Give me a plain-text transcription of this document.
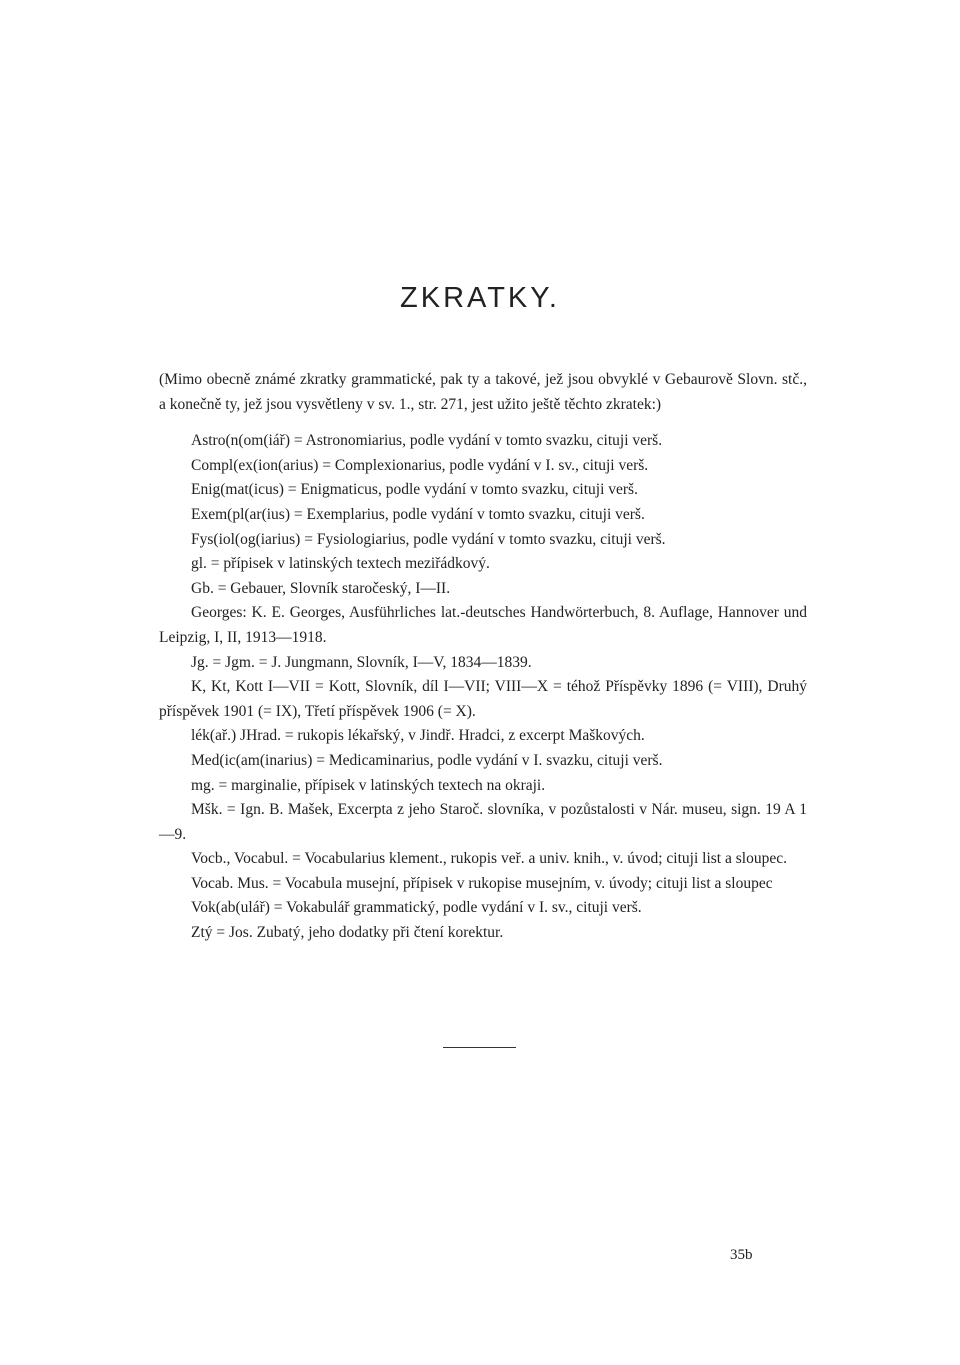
ZKRATKY.

(Mimo obecně známé zkratky grammatické, pak ty a takové, jež jsou obvyklé v Gebaurově Slovn. stč., a konečně ty, jež jsou vysvětleny v sv. 1., str. 271, jest užito ještě těchto zkratek:)

Astro(n(om(iář) = Astronomiarius, podle vydání v tomto svazku, cituji verš.

Compl(ex(ion(arius) = Complexionarius, podle vydání v I. sv., cituji verš.

Enig(mat(icus) = Enigmaticus, podle vydání v tomto svazku, cituji verš.

Exem(pl(ar(ius) = Exemplarius, podle vydání v tomto svazku, cituji verš.

Fys(iol(og(iarius) = Fysiologiarius, podle vydání v tomto svazku, cituji verš.

gl. = přípisek v latinských textech meziřádkový.

Gb. = Gebauer, Slovník staročeský, I—II.

Georges: K. E. Georges, Ausführliches lat.-deutsches Handwörterbuch, 8. Auflage, Hannover und Leipzig, I, II, 1913—1918.

Jg. = Jgm. = J. Jungmann, Slovník, I—V, 1834—1839.

K, Kt, Kott I—VII = Kott, Slovník, díl I—VII; VIII—X = téhož Příspěvky 1896 (= VIII), Druhý příspěvek 1901 (= IX), Třetí příspěvek 1906 (= X).

lék(ař.) JHrad. = rukopis lékařský, v Jindř. Hradci, z excerpt Maškových.

Med(ic(am(inarius) = Medicaminarius, podle vydání v I. svazku, cituji verš.

mg. = marginalie, přípisek v latinských textech na okraji.

Mšk. = Ign. B. Mašek, Excerpta z jeho Staroč. slovníka, v pozůstalosti v Nár. museu, sign. 19 A 1—9.

Vocb., Vocabul. = Vocabularius klement., rukopis veř. a univ. knih., v. úvod; cituji list a sloupec.

Vocab. Mus. = Vocabula musejní, přípisek v rukopise musejním, v. úvody; cituji list a sloupec

Vok(ab(ulář) = Vokabulář grammatický, podle vydání v I. sv., cituji verš.

Ztý = Jos. Zubatý, jeho dodatky při čtení korektur.

35b
